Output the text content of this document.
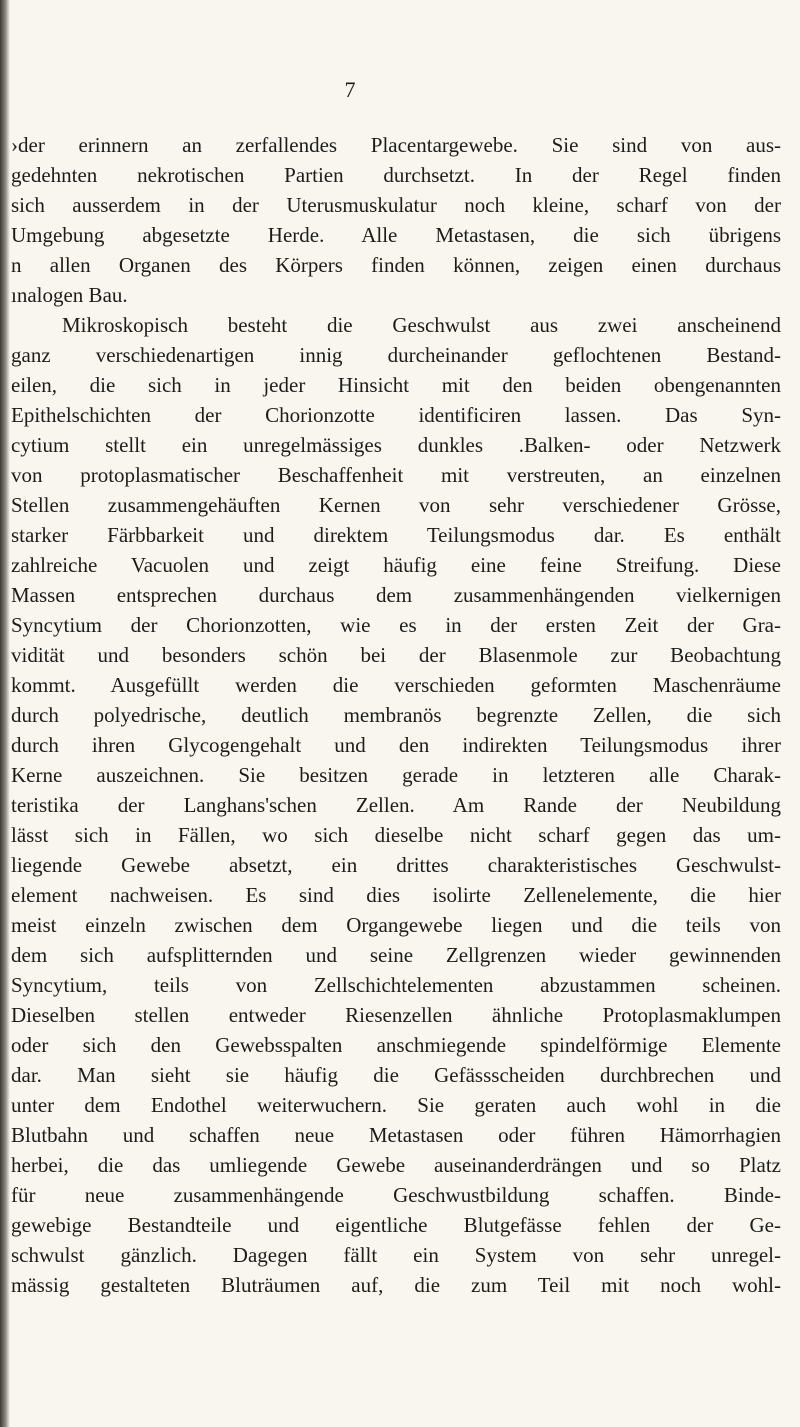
7
›der erinnern an zerfallendes Placentargewebe. Sie sind von aus-
gedehnten nekrotischen Partien durchsetzt. In der Regel finden
sich ausserdem in der Uterusmuskulatur noch kleine, scharf von der
Umgebung abgesetzte Herde. Alle Metastasen, die sich übrigens
n allen Organen des Körpers finden können, zeigen einen durchaus
ınalogen Bau.
Mikroskopisch besteht die Geschwulst aus zwei anscheinend
ganz verschiedenartigen innig durcheinander geflochtenen Bestand-
eilen, die sich in jeder Hinsicht mit den beiden obengenannten
Epithelschichten der Chorionzotte identificiren lassen. Das Syn-
cytium stellt ein unregelmässiges dunkles .Balken- oder Netzwerk
von protoplasmatischer Beschaffenheit mit verstreuten, an einzelnen
Stellen zusammengehäuften Kernen von sehr verschiedener Grösse,
starker Färbbarkeit und direktem Teilungsmodus dar. Es enthält
zahlreiche Vacuolen und zeigt häufig eine feine Streifung. Diese
Massen entsprechen durchaus dem zusammenhängenden vielkernigen
Syncytium der Chorionzotten, wie es in der ersten Zeit der Gra-
vidität und besonders schön bei der Blasenmole zur Beobachtung
kommt. Ausgefüllt werden die verschieden geformten Maschenräume
durch polyedrische, deutlich membranös begrenzte Zellen, die sich
durch ihren Glycogengehalt und den indirekten Teilungsmodus ihrer
Kerne auszeichnen. Sie besitzen gerade in letzteren alle Charak-
teristika der Langhans'schen Zellen. Am Rande der Neubildung
lässt sich in Fällen, wo sich dieselbe nicht scharf gegen das um-
liegende Gewebe absetzt, ein drittes charakteristisches Geschwulst-
element nachweisen. Es sind dies isolirte Zellenelemente, die hier
meist einzeln zwischen dem Organgewebe liegen und die teils von
dem sich aufsplitternden und seine Zellgrenzen wieder gewinnenden
Syncytium, teils von Zellschichtelementen abzustammen scheinen.
Dieselben stellen entweder Riesenzellen ähnliche Protoplasmaklumpen
oder sich den Gewebsspalten anschmiegende spindelförmige Elemente
dar. Man sieht sie häufig die Gefässscheiden durchbrechen und
unter dem Endothel weiterwuchern. Sie geraten auch wohl in die
Blutbahn und schaffen neue Metastasen oder führen Hämorrhagien
herbei, die das umliegende Gewebe auseinanderdrängen und so Platz
für neue zusammenhängende Geschwustbildung schaffen. Binde-
gewebige Bestandteile und eigentliche Blutgefässe fehlen der Ge-
schwulst gänzlich. Dagegen fällt ein System von sehr unregel-
mässig gestalteten Bluträumen auf, die zum Teil mit noch wohl-
